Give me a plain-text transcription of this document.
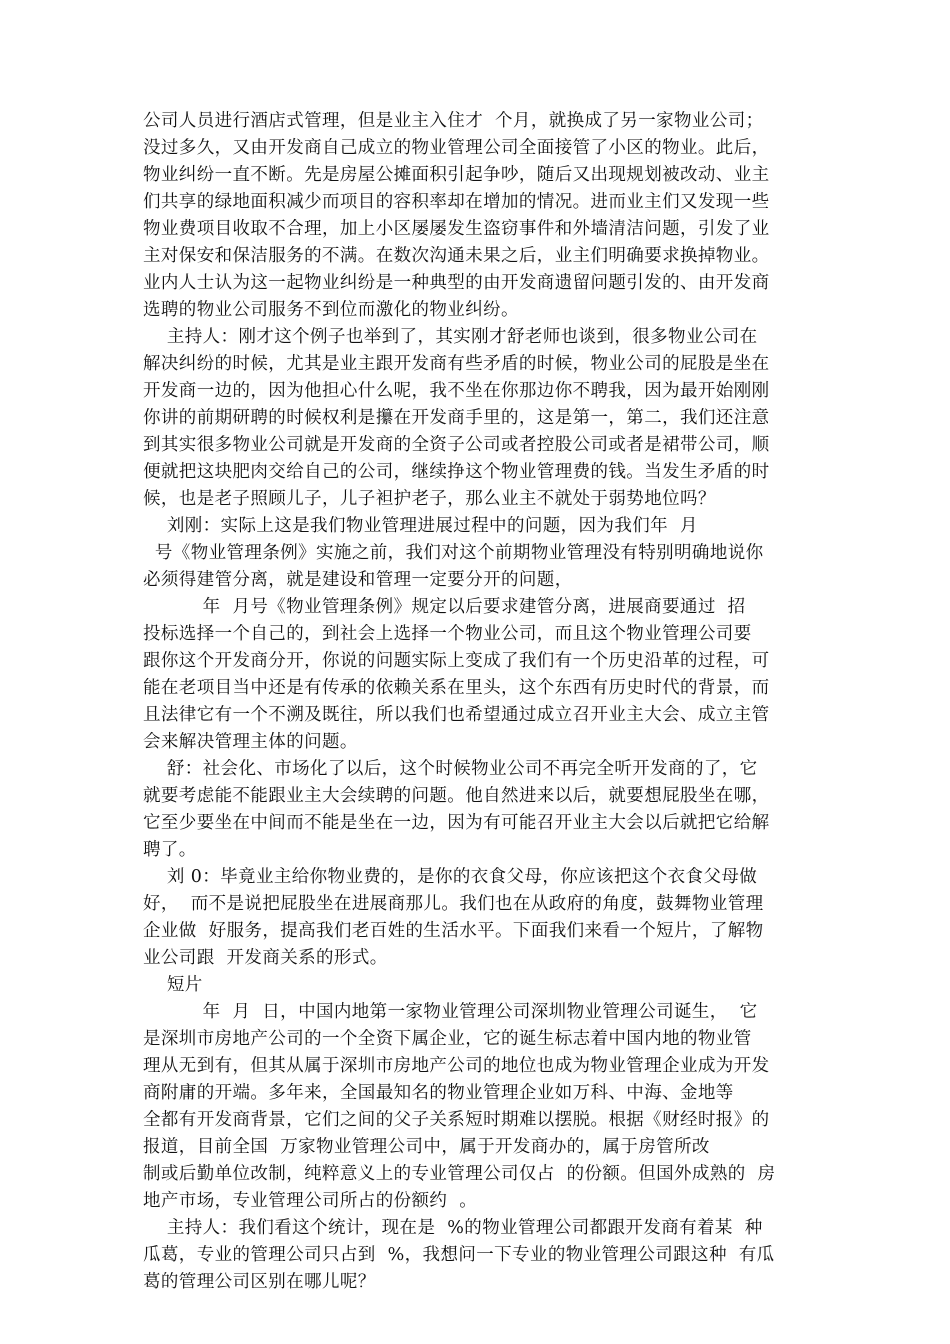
公司人员进行酒店式管理，但是业主入住才  个月，就换成了另一家物业公司；
没过多久，又由开发商自己成立的物业管理公司全面接管了小区的物业。此后，
物业纠纷一直不断。先是房屋公摊面积引起争吵，随后又出现规划被改动、业主
们共享的绿地面积减少而项目的容积率却在增加的情况。进而业主们又发现一些
物业费项目收取不合理，加上小区屡屡发生盗窃事件和外墙清洁问题，引发了业
主对保安和保洁服务的不满。在数次沟通未果之后，业主们明确要求换掉物业。
业内人士认为这一起物业纠纷是一种典型的由开发商遗留问题引发的、由开发商
选聘的物业公司服务不到位而激化的物业纠纷。
主持人：刚才这个例子也举到了，其实刚才舒老师也谈到，很多物业公司在
解决纠纷的时候，尤其是业主跟开发商有些矛盾的时候，物业公司的屁股是坐在
开发商一边的，因为他担心什么呢，我不坐在你那边你不聘我，因为最开始刚刚
你讲的前期研聘的时候权利是攥在开发商手里的，这是第一，第二，我们还注意
到其实很多物业公司就是开发商的全资子公司或者控股公司或者是裙带公司，顺
便就把这块肥肉交给自己的公司，继续挣这个物业管理费的钱。当发生矛盾的时
候，也是老子照顾儿子，儿子袒护老子，那么业主不就处于弱势地位吗？
刘刚：实际上这是我们物业管理进展过程中的问题，因为我们年  月
号《物业管理条例》实施之前，我们对这个前期物业管理没有特别明确地说你
必须得建管分离，就是建设和管理一定要分开的问题，
年  月号《物业管理条例》规定以后要求建管分离，进展商要通过  招
投标选择一个自己的，到社会上选择一个物业公司，而且这个物业管理公司要
跟你这个开发商分开，你说的问题实际上变成了我们有一个历史沿革的过程，可
能在老项目当中还是有传承的依赖关系在里头，这个东西有历史时代的背景，而
且法律它有一个不溯及既往，所以我们也希望通过成立召开业主大会、成立主管
会来解决管理主体的问题。
舒：社会化、市场化了以后，这个时候物业公司不再完全听开发商的了，它
就要考虑能不能跟业主大会续聘的问题。他自然进来以后，就要想屁股坐在哪，
它至少要坐在中间而不能是坐在一边，因为有可能召开业主大会以后就把它给解
聘了。
刘 0：毕竟业主给你物业费的，是你的衣食父母，你应该把这个衣食父母做
好，  而不是说把屁股坐在进展商那儿。我们也在从政府的角度，鼓舞物业管理
企业做  好服务，提高我们老百姓的生活水平。下面我们来看一个短片，了解物
业公司跟  开发商关系的形式。
短片
年  月  日，中国内地第一家物业管理公司深圳物业管理公司诞生，  它
是深圳市房地产公司的一个全资下属企业，它的诞生标志着中国内地的物业管
理从无到有，但其从属于深圳市房地产公司的地位也成为物业管理企业成为开发
商附庸的开端。多年来，全国最知名的物业管理企业如万科、中海、金地等
全都有开发商背景，它们之间的父子关系短时期难以摆脱。根据《财经时报》的
报道，目前全国  万家物业管理公司中，属于开发商办的，属于房管所改
制或后勤单位改制，纯粹意义上的专业管理公司仅占  的份额。但国外成熟的  房
地产市场，专业管理公司所占的份额约  。
主持人：我们看这个统计，现在是  %的物业管理公司都跟开发商有着某  种
瓜葛，专业的管理公司只占到  %，我想问一下专业的物业管理公司跟这种  有瓜
葛的管理公司区别在哪儿呢？
